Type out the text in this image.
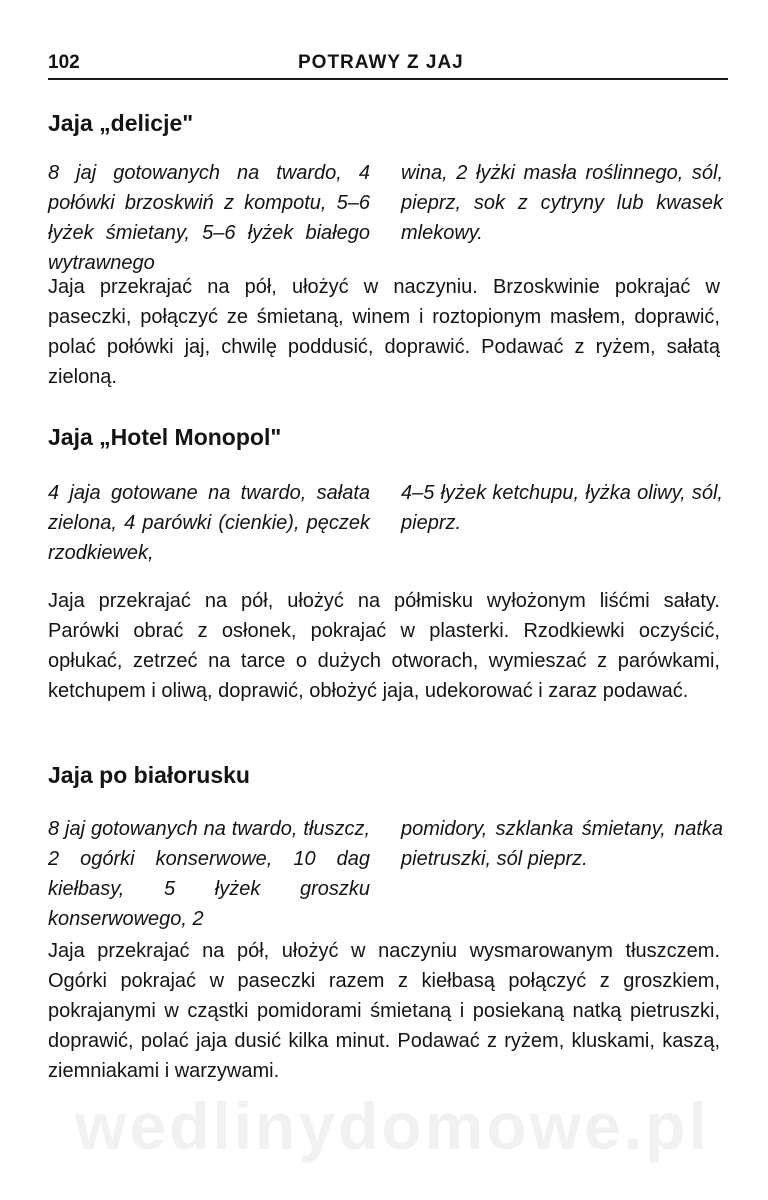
102	POTRAWY Z JAJ
Jaja „delicje"
8 jaj gotowanych na twardo, 4 połówki brzoskwiń z kompotu, 5–6 łyżek śmietany, 5–6 łyżek białego wytrawnego
wina, 2 łyżki masła roślinnego, sól, pieprz, sok z cytryny lub kwasek mlekowy.

Jaja przekrajać na pół, ułożyć w naczyniu. Brzoskwinie pokrajać w paseczki, połączyć ze śmietaną, winem i roztopionym masłem, doprawić, polać połówki jaj, chwilę poddusić, doprawić. Podawać z ryżem, sałatą zieloną.

Jaja „Hotel Monopol"
4 jaja gotowane na twardo, sałata zielona, 4 parówki (cienkie), pęczek rzodkiewek,
4–5 łyżek ketchupu, łyżka oliwy, sól, pieprz.

Jaja przekrajać na pół, ułożyć na półmisku wyłożonym liśćmi sałaty. Parówki obrać z osłonek, pokrajać w plasterki. Rzodkiewki oczyścić, opłukać, zetrzeć na tarce o dużych otworach, wymieszać z parówkami, ketchupem i oliwą, doprawić, obłożyć jaja, udekorować i zaraz podawać.

Jaja po białorusku
8 jaj gotowanych na twardo, tłuszcz, 2 ogórki konserwowe, 10 dag kiełbasy, 5 łyżek groszku konserwowego, 2
pomidory, szklanka śmietany, natka pietruszki, sól pieprz.

Jaja przekrajać na pół, ułożyć w naczyniu wysmarowanym tłuszczem. Ogórki pokrajać w paseczki razem z kiełbasą połączyć z groszkiem, pokrajanymi w cząstki pomidorami śmietaną i posiekaną natką pietruszki, doprawić, polać jaja dusić kilka minut. Podawać z ryżem, kluskami, kaszą, ziemniakami i warzywami.

wedlinydomowe.pl
